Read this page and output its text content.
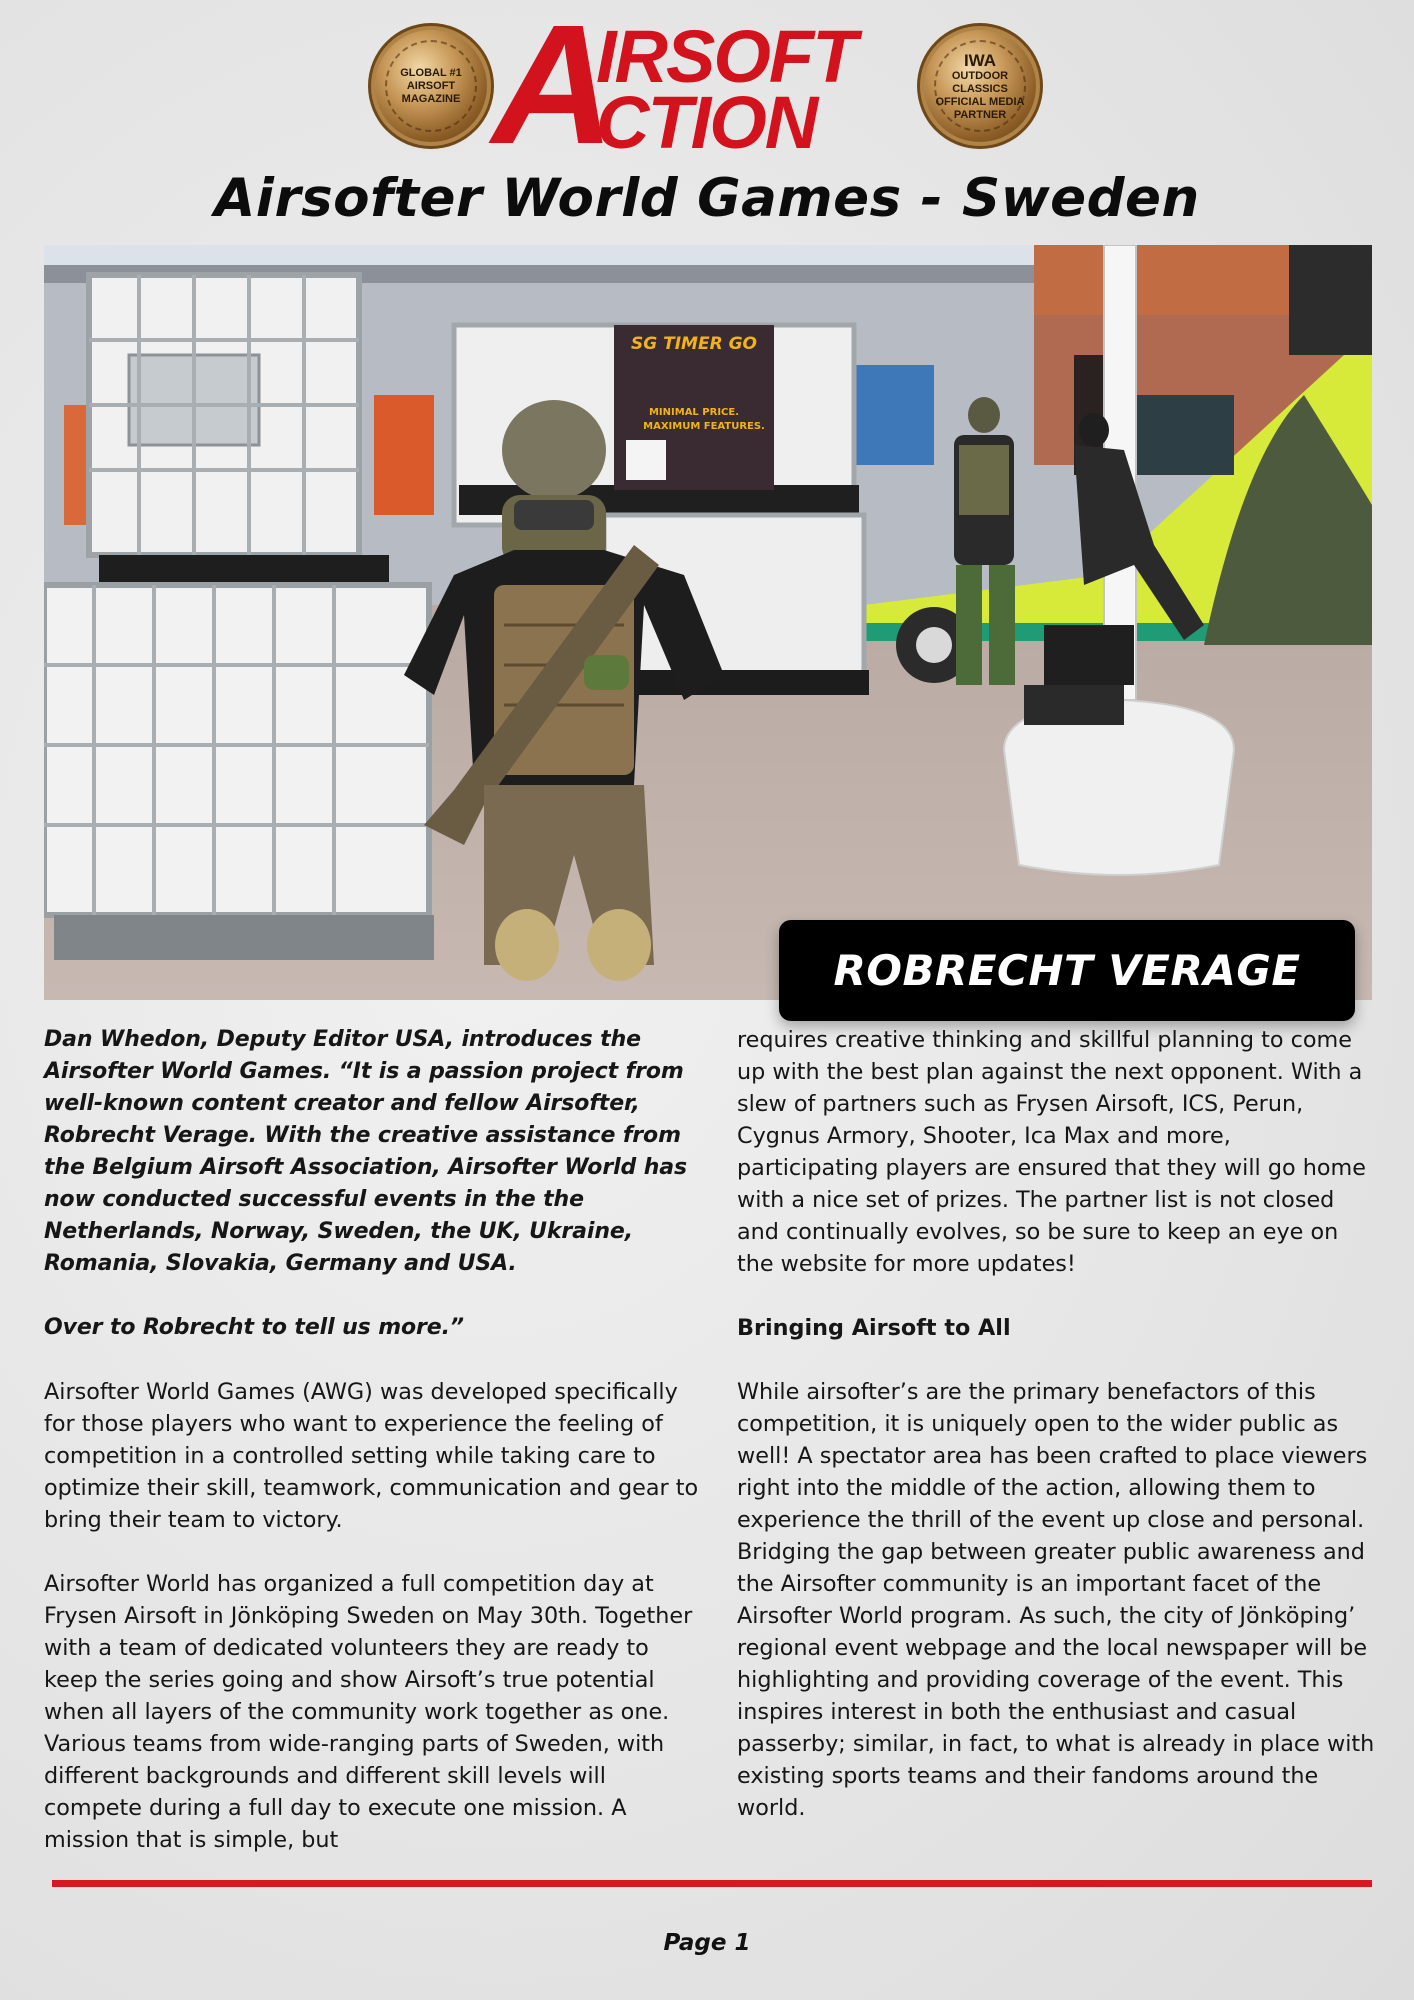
GLOBAL #1
AIRSOFT
MAGAZINE A
IRSOFT
CTION
IWA
OUTDOOR
CLASSICS
OFFICIAL MEDIA
PARTNER
Airsofter World Games - Sweden
SG TIMER GO
MINIMAL PRICE.
MAXIMUM FEATURES.
ROBRECHT VERAGE

Dan Whedon, Deputy Editor USA, introduces the Airsofter World Games. “It is a passion project from well-known content creator and fellow Airsofter, Robrecht Verage. With the creative assistance from the Belgium Airsoft Association, Airsofter World has now conducted successful events in the the Netherlands, Norway, Sweden, the UK, Ukraine, Romania, Slovakia, Germany and USA.

Over to Robrecht to tell us more.”

Airsofter World Games (AWG) was developed specifically for those players who want to experience the feeling of competition in a controlled setting while taking care to optimize their skill, teamwork, communication and gear to bring their team to victory.

Airsofter World has organized a full competition day at Frysen Airsoft in Jönköping Sweden on May 30th. Together with a team of dedicated volunteers they are ready to keep the series going and show Airsoft’s true potential when all layers of the community work together as one. Various teams from wide-ranging parts of Sweden, with different backgrounds and different skill levels will compete during a full day to execute one mission. A mission that is simple, but

requires creative thinking and skillful planning to come up with the best plan against the next opponent. With a slew of partners such as Frysen Airsoft, ICS, Perun, Cygnus Armory, Shooter, Ica Max and more, participating players are ensured that they will go home with a nice set of prizes. The partner list is not closed and continually evolves, so be sure to keep an eye on the website for more updates!

Bringing Airsoft to All

While airsofter’s are the primary benefactors of this competition, it is uniquely open to the wider public as well! A spectator area has been crafted to place viewers right into the middle of the action, allowing them to experience the thrill of the event up close and personal. Bridging the gap between greater public awareness and the Airsofter community is an important facet of the Airsofter World program. As such, the city of Jönköping’ regional event webpage and the local newspaper will be highlighting and providing coverage of the event. This inspires interest in both the enthusiast and casual passerby; similar, in fact, to what is already in place with existing sports teams and their fandoms around the world.

Page 1
